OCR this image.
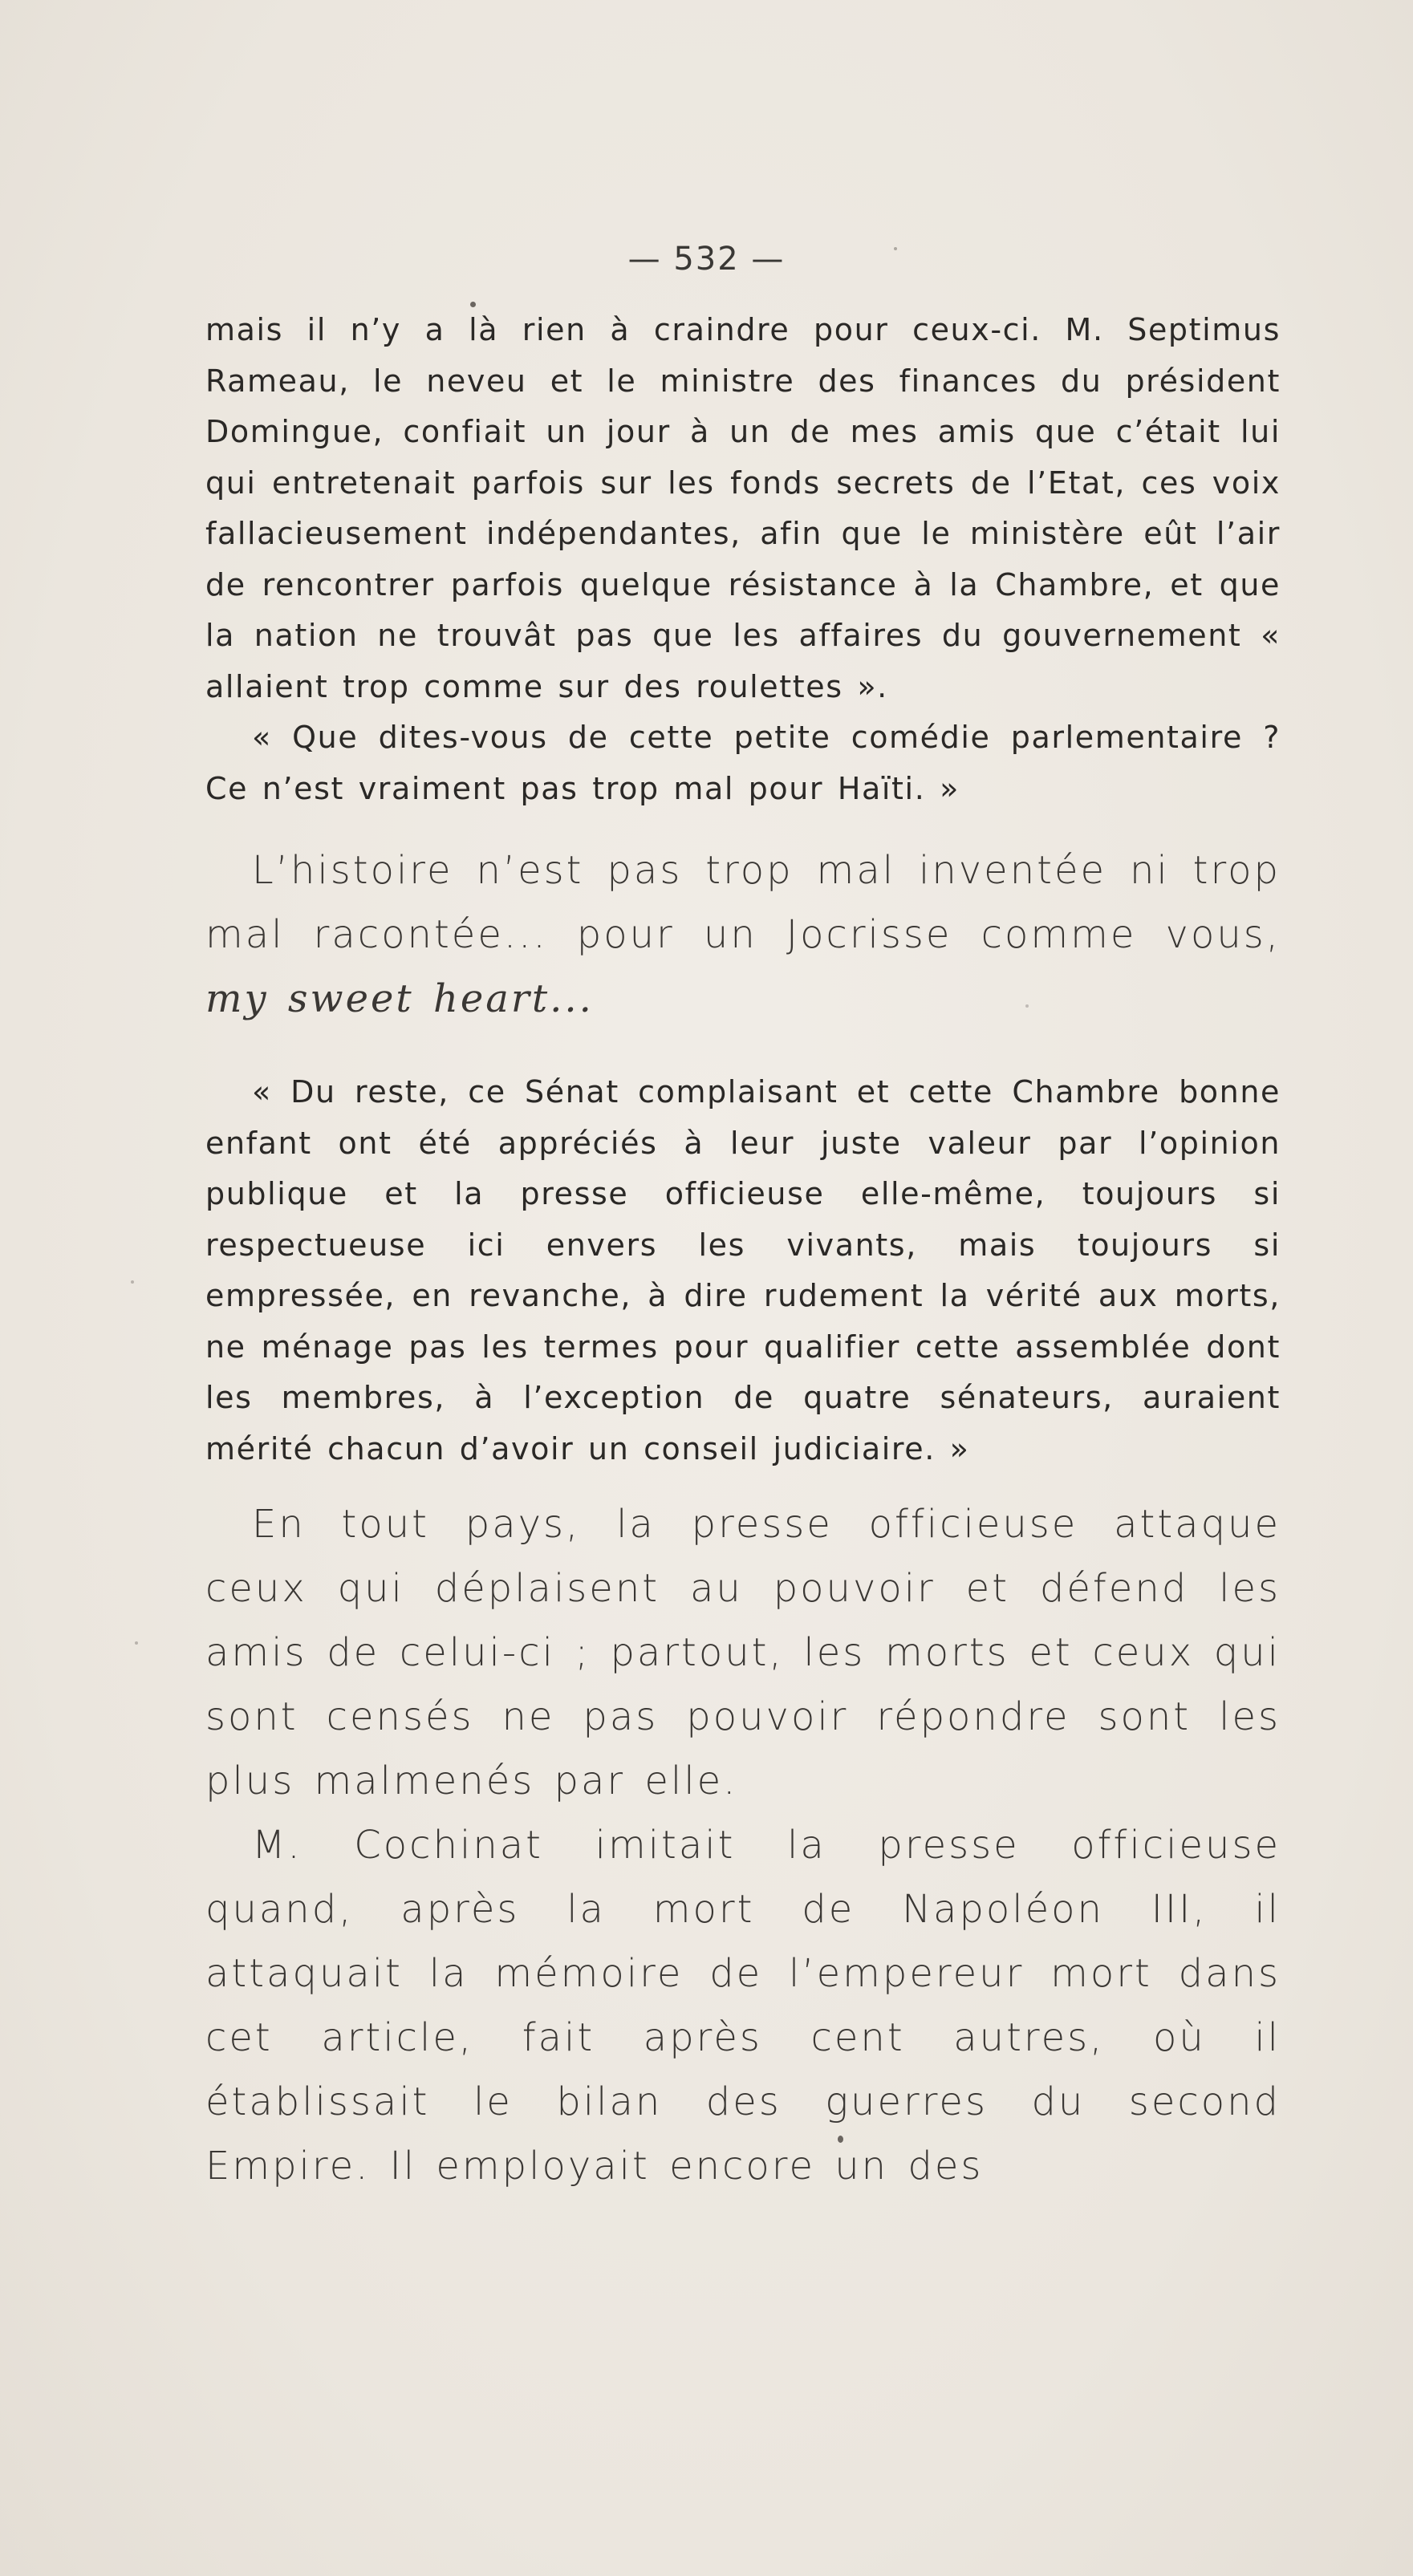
— 532 —

mais il n’y a là rien à craindre pour ceux-ci. M. Septimus Rameau, le neveu et le ministre des finances du président Domingue, confiait un jour à un de mes amis que c’était lui qui entretenait parfois sur les fonds secrets de l’Etat, ces voix fallacieusement indépendantes, afin que le ministère eût l’air de rencontrer parfois quelque résistance à la Chambre, et que la nation ne trouvât pas que les affaires du gouvernement « allaient trop comme sur des roulettes ».

« Que dites-vous de cette petite comédie parlementaire ? Ce n’est vraiment pas trop mal pour Haïti. »

L’histoire n’est pas trop mal inventée ni trop mal racontée... pour un Jocrisse comme vous, my sweet heart...

« Du reste, ce Sénat complaisant et cette Chambre bonne enfant ont été appréciés à leur juste valeur par l’opinion publique et la presse officieuse elle-même, toujours si respectueuse ici envers les vivants, mais toujours si empressée, en revanche, à dire rudement la vérité aux morts, ne ménage pas les termes pour qualifier cette assemblée dont les membres, à l’exception de quatre sénateurs, auraient mérité chacun d’avoir un conseil judiciaire. »

En tout pays, la presse officieuse attaque ceux qui déplaisent au pouvoir et défend les amis de celui-ci ; partout, les morts et ceux qui sont censés ne pas pouvoir répondre sont les plus malmenés par elle.

M. Cochinat imitait la presse officieuse quand, après la mort de Napoléon III, il attaquait la mémoire de l’empereur mort dans cet article, fait après cent autres, où il établissait le bilan des guerres du second Empire. Il employait encore un des
